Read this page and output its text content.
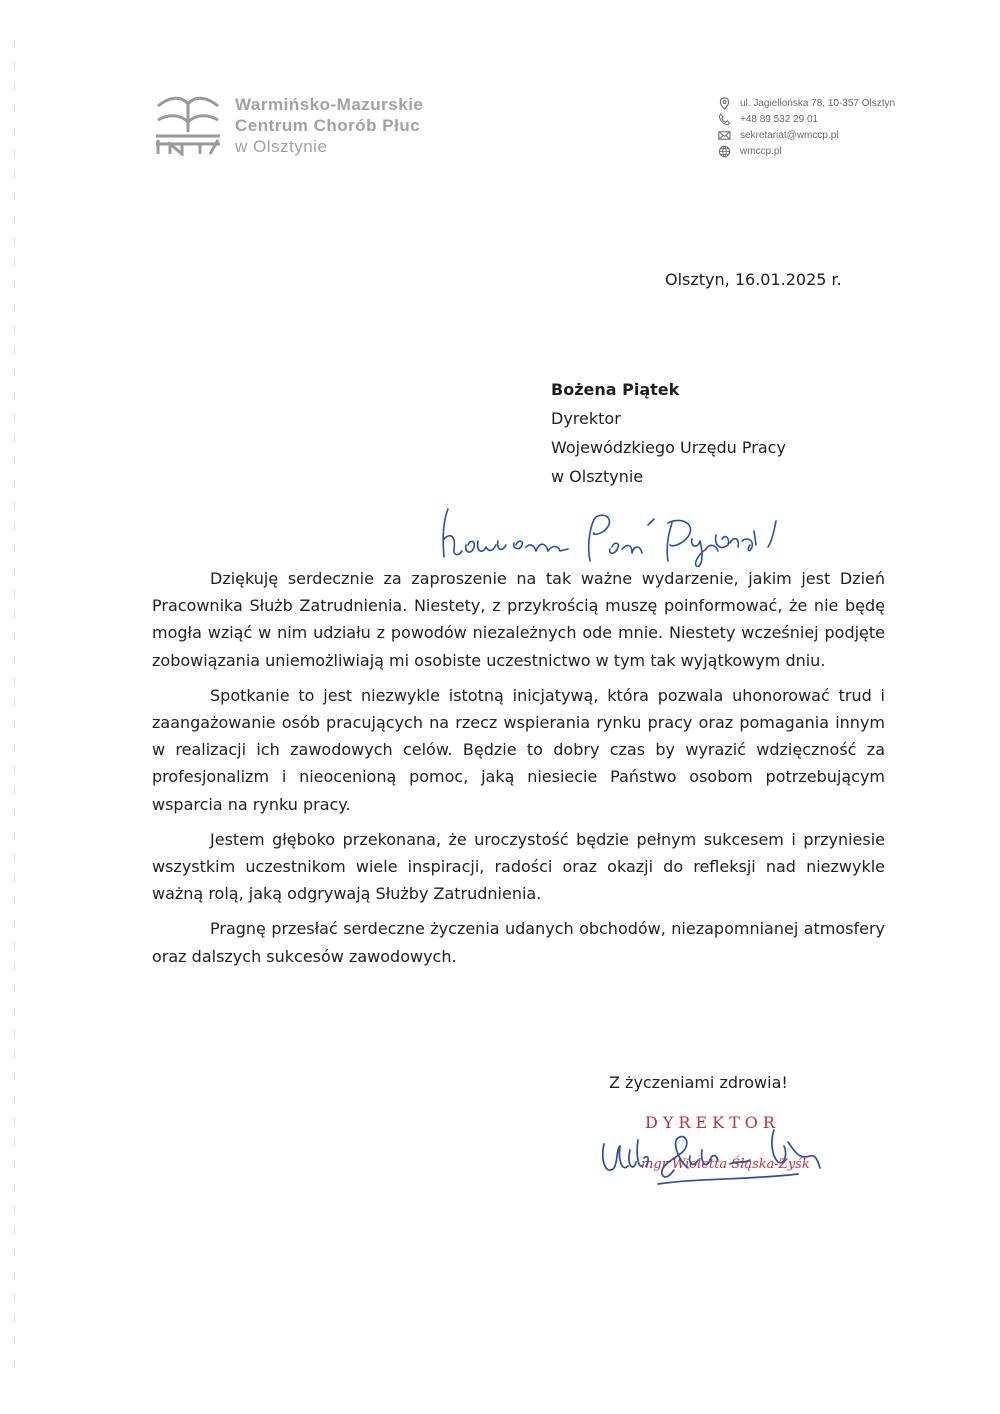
Warmińsko-Mazurskie
Centrum Chorób Płuc
w Olsztynie
ul. Jagiellońska 78, 10-357 Olsztyn
+48 89 532 29 01
sekretariat@wmccp.pl
wmccp.pl
Olsztyn, 16.01.2025 r.
Bożena Piątek
Dyrektor
Wojewódzkiego Urzędu Pracy
w Olsztynie

Dziękuję serdecznie za zaproszenie na tak ważne wydarzenie, jakim jest Dzień Pracownika Służb Zatrudnienia. Niestety, z przykrością muszę poinformować, że nie będę mogła wziąć w nim udziału z powodów niezależnych ode mnie. Niestety wcześniej podjęte zobowiązania uniemożliwiają mi osobiste uczestnictwo w tym tak wyjątkowym dniu.

Spotkanie to jest niezwykle istotną inicjatywą, która pozwala uhonorować trud i zaangażowanie osób pracujących na rzecz wspierania rynku pracy oraz pomagania innym w realizacji ich zawodowych celów. Będzie to dobry czas by wyrazić wdzięczność za profesjonalizm i nieocenioną pomoc, jaką niesiecie Państwo osobom potrzebującym wsparcia na rynku pracy.

Jestem głęboko przekonana, że uroczystość będzie pełnym sukcesem i przyniesie wszystkim uczestnikom wiele inspiracji, radości oraz okazji do refleksji nad niezwykle ważną rolą, jaką odgrywają Służby Zatrudnienia.

Pragnę przesłać serdeczne życzenia udanych obchodów, niezapomnianej atmosfery oraz dalszych sukcesów zawodowych.

Z życzeniami zdrowia!
DYREKTOR
mgr Wioletta Śląska-Zyśk
